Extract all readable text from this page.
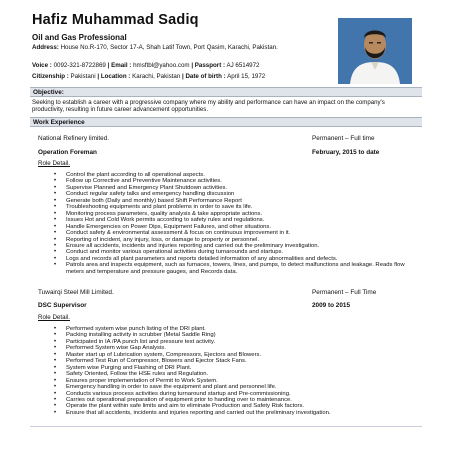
Hafiz Muhammad Sadiq
Oil and Gas Professional
Address: House No.R-170, Sector 17-A, Shah Latif Town, Port Qasim, Karachi, Pakistan.
Voice : 0092-321-8722869 | Email : hmsftbl@yahoo.com | Passport : AJ 6514972
Citizenship : Pakistani | Location : Karachi, Pakistan | Date of birth : April 15, 1972
Objective:
Seeking to establish a career with a progressive company where my ability and performance can have an impact on the company's productivity, resulting in future career advancement opportunities.
Work Experience
National Refinery limited.	Permanent – Full time
Operation Foreman	February, 2015 to date
Role Detail.
• Control the plant according to all operational aspects.
• Follow up Corrective and Preventive Maintenance activities.
• Supervise Planned and Emergency Plant Shutdown activities.
• Conduct regular safety talks and emergency handling discussion
• Generate both (Daily and monthly) based Shift Performance Report
• Troubleshooting equipments and plant problems in order to save its life.
• Monitoring process parameters, quality analysis & take appropriate actions.
• Issues Hot and Cold Work permits according to safety rules and regulations.
• Handle Emergencies on Power Dips, Equipment Failures, and other situations.
• Conduct safety & environmental assessment & focus on continuous improvement in it.
• Reporting of incident, any injury, loss, or damage to property or personnel.
• Ensure all accidents, incidents and injuries reporting and carried out the preliminary investigation.
• Conduct and monitor various operational activities during turnarounds and startups.
• Logs and records all plant parameters and reports detailed information of any abnormalities and defects.
• Patrols area and inspects equipment, such as furnaces, towers, lines, and pumps, to detect malfunctions and leakage. Reads flow meters and temperature and pressure gauges, and Records data.
Tuwairqi Steel Mill Limited.	Permanent – Full Time
DSC Supervisor	2009 to 2015
Role Detail.
• Performed system wise punch listing of the DRI plant.
• Packing installing activity in scrubber (Metal Saddle Ring)
• Participated in IA /PA punch list and pressure test activity.
• Performed System wise Gap Analysis.
• Master start up of Lubrication system, Compressors, Ejectors and Blowers.
• Performed Test Run of Compressor, Blowers and Ejector Stack Fans.
• System wise Purging and Flashing of DRI Plant.
• Safety Oriented, Follow the HSE rules and Regulation.
• Ensures proper implementation of Permit to Work System.
• Emergency handling in order to save the equipment and plant and personnel life.
• Conducts various process activities during turnaround startup and Pre-commissioning.
• Carries out operational preparation of equipment prior to handing over to maintenance.
• Operate the plant within safe limits and aim to eliminate Production and Safety Risk factors.
• Ensure that all accidents, incidents and injuries reporting and carried out the preliminary investigation.
